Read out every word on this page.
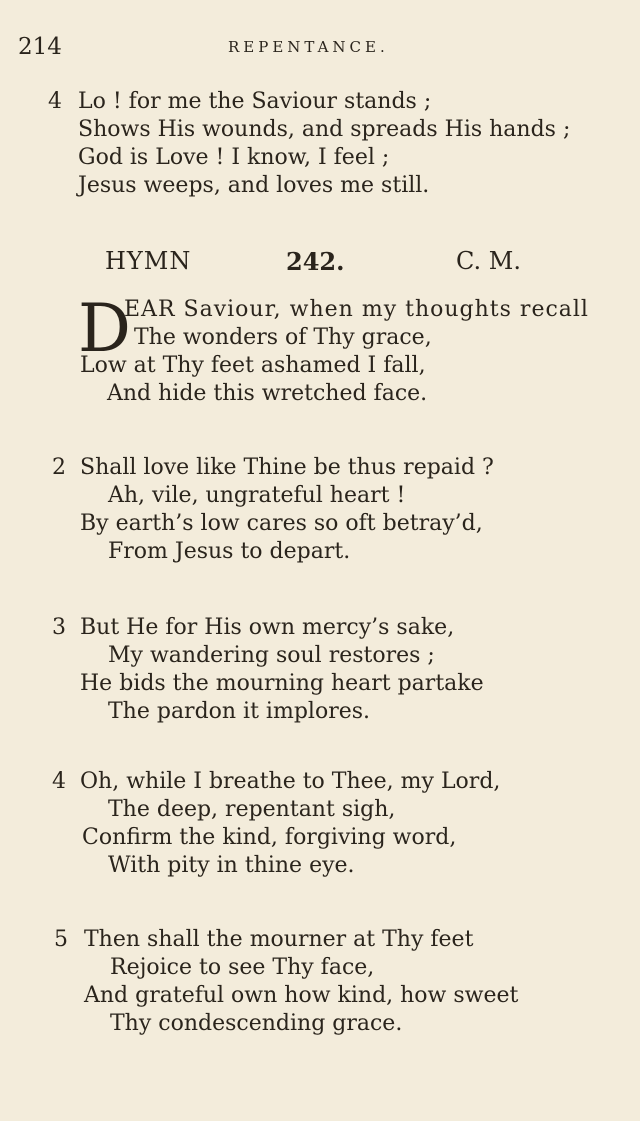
214	REPENTANCE.
4 Lo ! for me the Saviour stands ;
Shows His wounds, and spreads His hands ;
God is Love ! I know, I feel ;
Jesus weeps, and loves me still.
HYMN	242.	C. M.
D
EAR Saviour, when my thoughts recall
The wonders of Thy grace,
Low at Thy feet ashamed I fall,
And hide this wretched face.
2 Shall love like Thine be thus repaid ?
Ah, vile, ungrateful heart !
By earth’s low cares so oft betray’d,
From Jesus to depart.
3 But He for His own mercy’s sake,
My wandering soul restores ;
He bids the mourning heart partake
The pardon it implores.
4 Oh, while I breathe to Thee, my Lord,
The deep, repentant sigh,
Confirm the kind, forgiving word,
With pity in thine eye.
5 Then shall the mourner at Thy feet
Rejoice to see Thy face,
And grateful own how kind, how sweet
Thy condescending grace.
